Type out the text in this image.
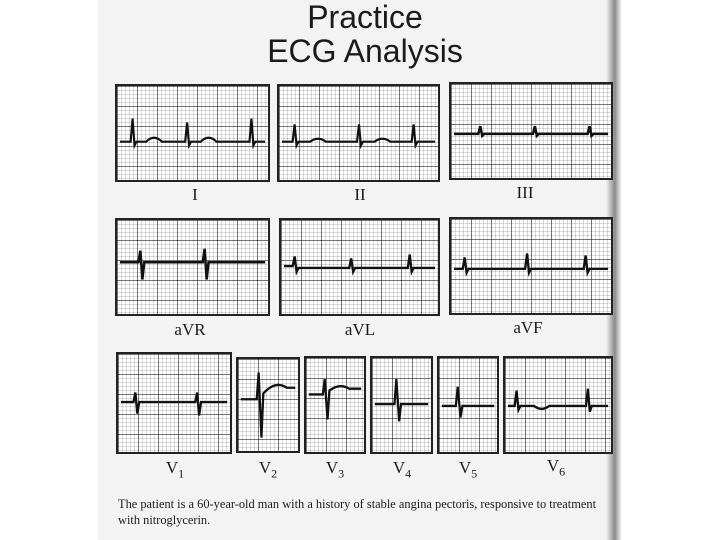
Practice
ECG Analysis
I	II	III
aVR	aVL	aVF
$V_1$	$V_2$	$V_3$	$V_4$	$V_5$	$V_6$
The patient is a 60-year-old man with a history of stable angina pectoris, responsive to treatment with nitroglycerin.
